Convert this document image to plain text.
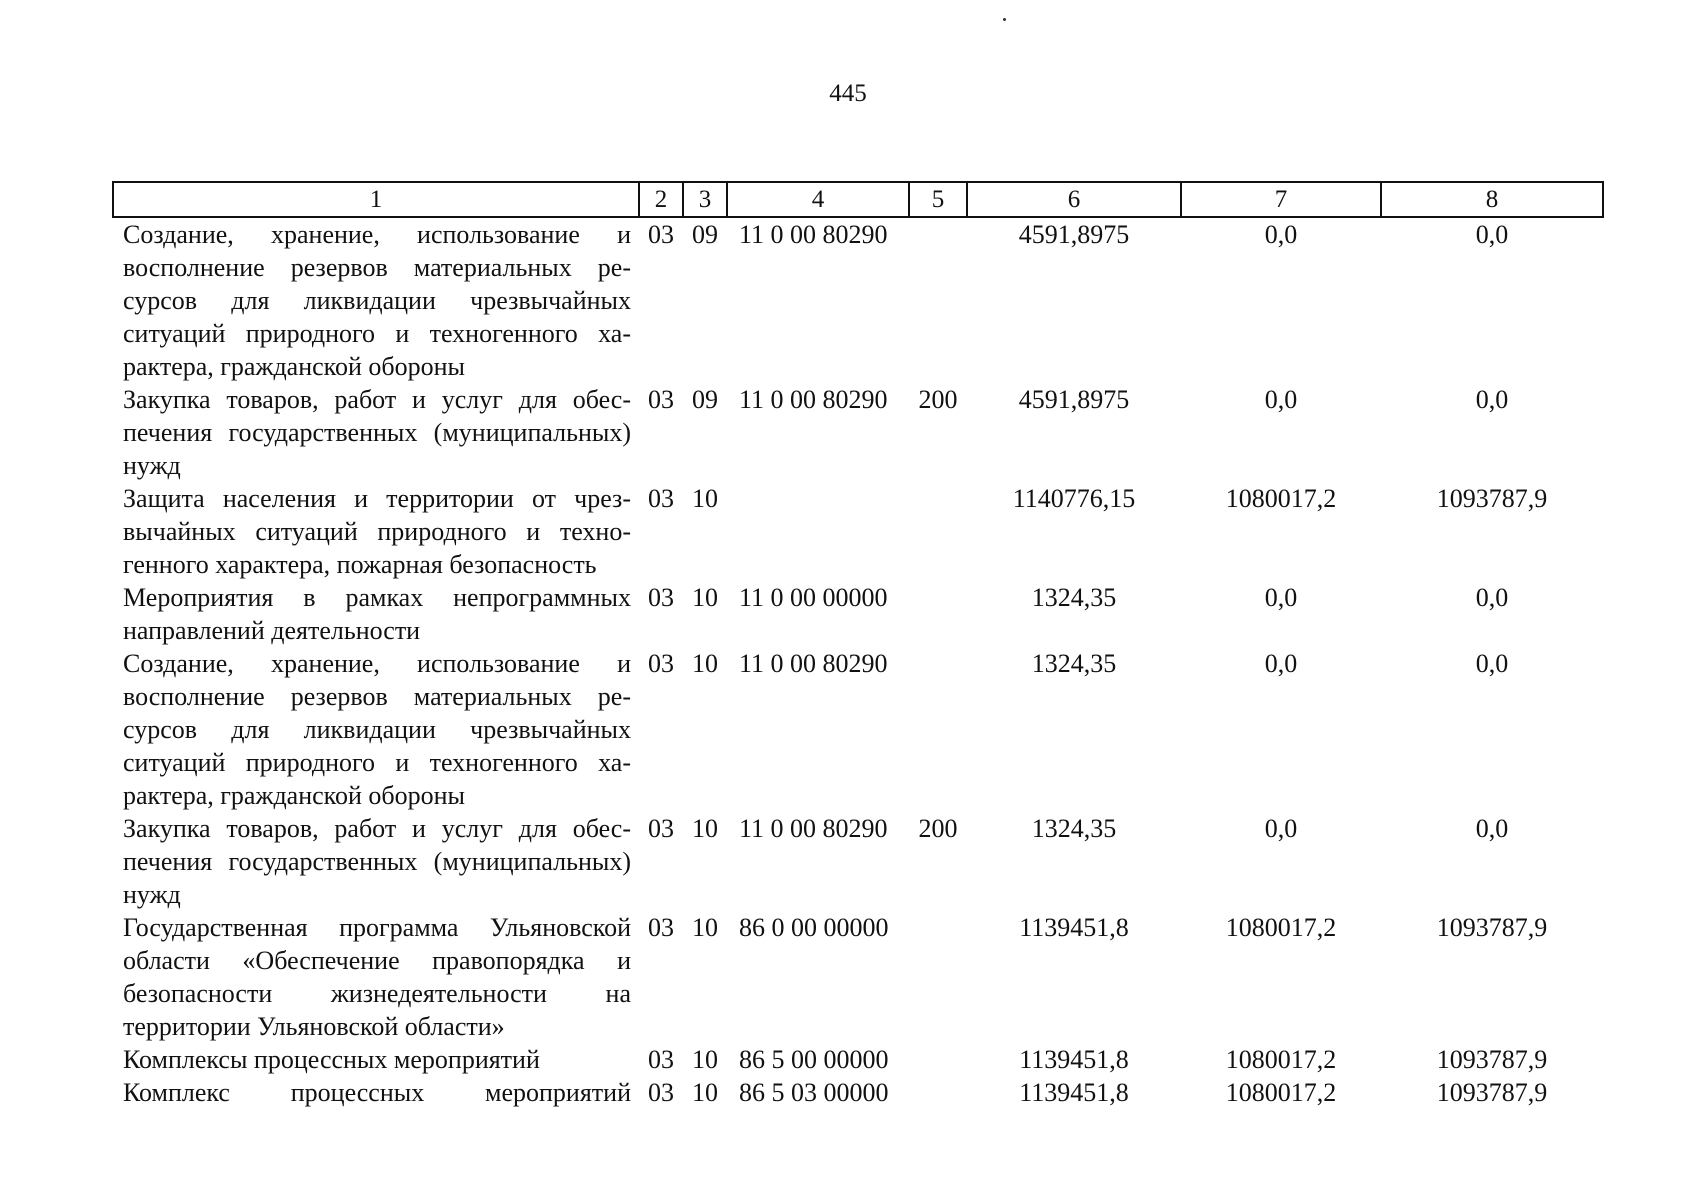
445
1	2	3	4	5	6	7	8
Создание, хранение, использование и восполнение резервов материальных ресурсов для ликвидации чрезвычайных ситуаций природного и техногенного характера, гражданской обороны	03	09	11 0 00 80290		4591,8975	0,0	0,0
Закупка товаров, работ и услуг для обеспечения государственных (муниципальных) нужд	03	09	11 0 00 80290	200	4591,8975	0,0	0,0
Защита населения и территории от чрезвычайных ситуаций природного и техногенного характера, пожарная безопасность	03	10			1140776,15	1080017,2	1093787,9
Мероприятия в рамках непрограммных направлений деятельности	03	10	11 0 00 00000		1324,35	0,0	0,0
Создание, хранение, использование и восполнение резервов материальных ресурсов для ликвидации чрезвычайных ситуаций природного и техногенного характера, гражданской обороны	03	10	11 0 00 80290		1324,35	0,0	0,0
Закупка товаров, работ и услуг для обеспечения государственных (муниципальных) нужд	03	10	11 0 00 80290	200	1324,35	0,0	0,0
Государственная программа Ульяновской области «Обеспечение правопорядка и безопасности жизнедеятельности на территории Ульяновской области»	03	10	86 0 00 00000		1139451,8	1080017,2	1093787,9
Комплексы процессных мероприятий	03	10	86 5 00 00000		1139451,8	1080017,2	1093787,9
Комплекс процессных мероприятий	03	10	86 5 03 00000		1139451,8	1080017,2	1093787,9
